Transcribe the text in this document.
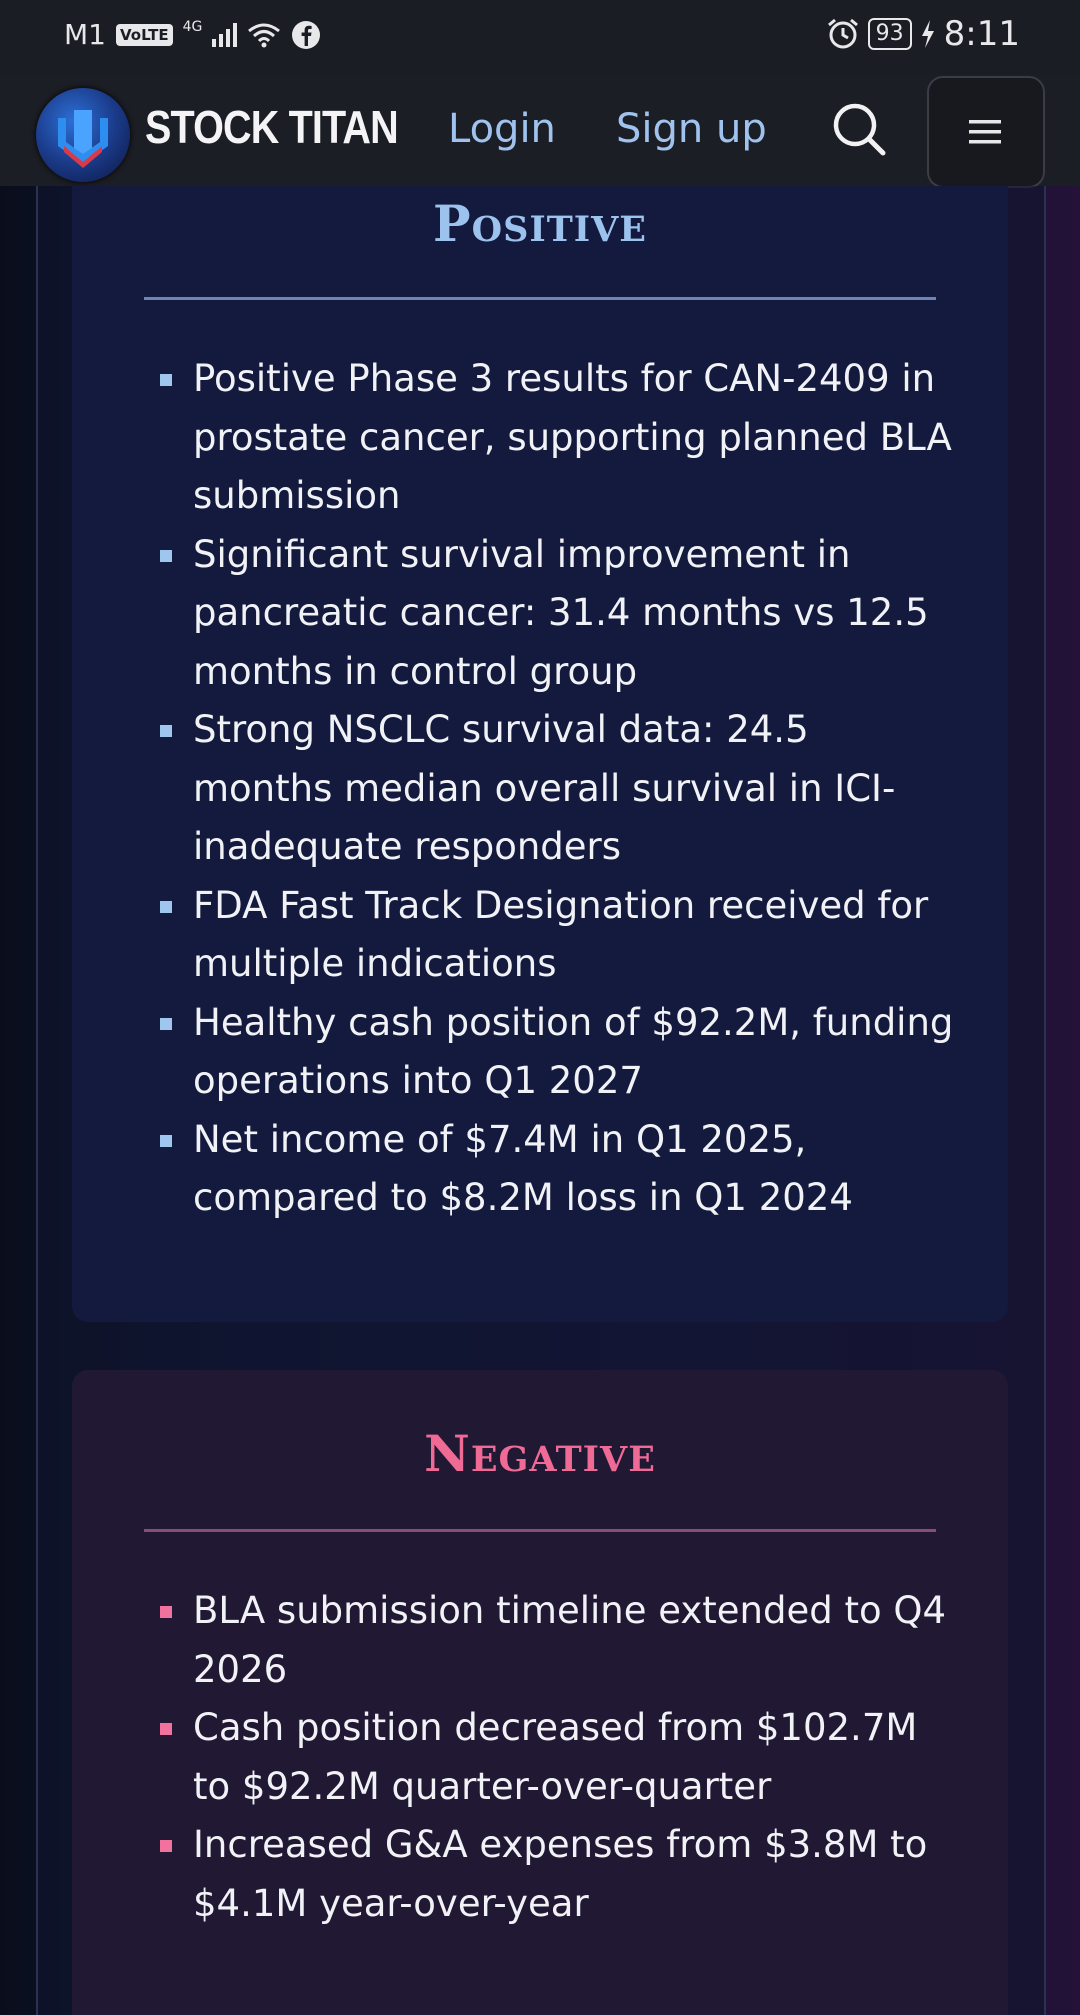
M1 VoLTE 4G	93 8:11
STOCK TITAN Login Sign up
Positive
Positive Phase 3 results for CAN-2409 in prostate cancer, supporting planned BLA submission
Significant survival improvement in pancreatic cancer: 31.4 months vs 12.5 months in control group
Strong NSCLC survival data: 24.5 months median overall survival in ICI-inadequate responders
FDA Fast Track Designation received for multiple indications
Healthy cash position of $92.2M, funding operations into Q1 2027
Net income of $7.4M in Q1 2025, compared to $8.2M loss in Q1 2024
Negative
BLA submission timeline extended to Q4 2026
Cash position decreased from $102.7M to $92.2M quarter-over-quarter
Increased G&A expenses from $3.8M to $4.1M year-over-year
